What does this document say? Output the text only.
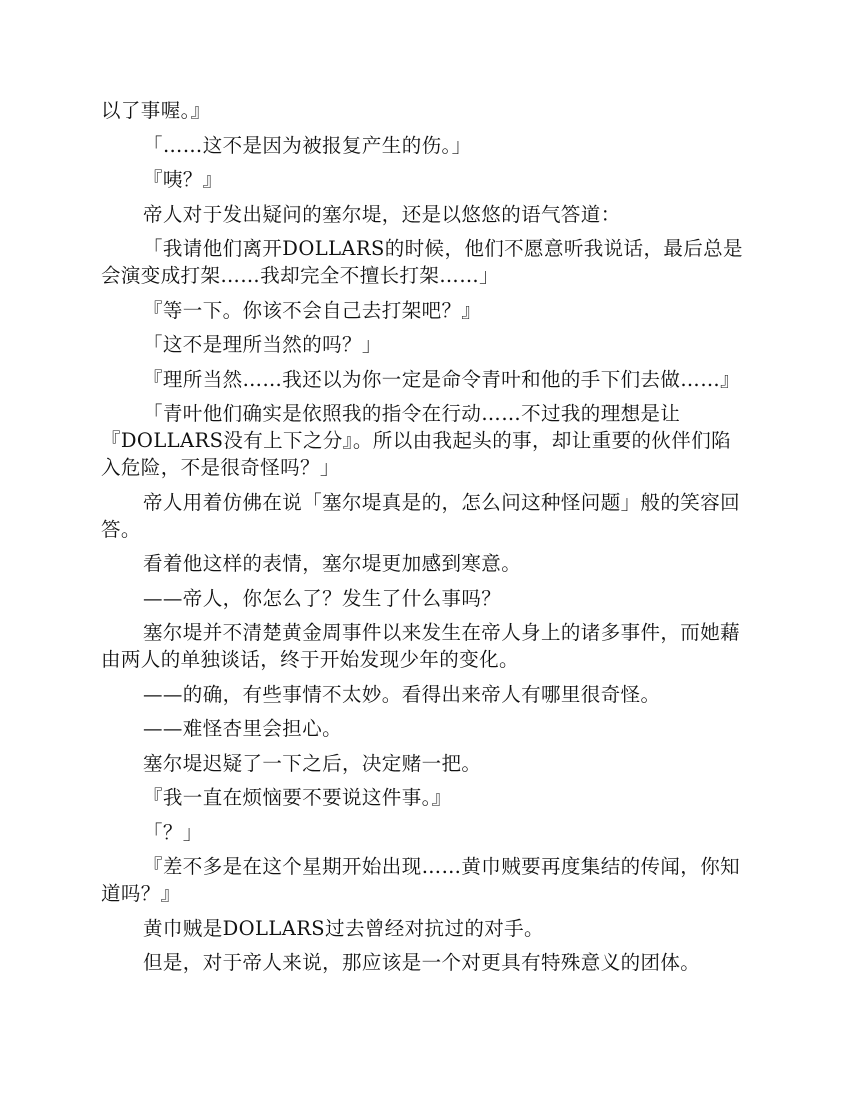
以了事喔。』

「……这不是因为被报复产生的伤。」

『咦？』

帝人对于发出疑问的塞尔堤，还是以悠悠的语气答道：

「我请他们离开DOLLARS的时候，他们不愿意听我说话，最后总是会演变成打架……我却完全不擅长打架……」

『等一下。你该不会自己去打架吧？』

「这不是理所当然的吗？」

『理所当然……我还以为你一定是命令青叶和他的手下们去做……』

「青叶他们确实是依照我的指令在行动……不过我的理想是让『DOLLARS没有上下之分』。所以由我起头的事，却让重要的伙伴们陷入危险，不是很奇怪吗？」

帝人用着仿佛在说「塞尔堤真是的，怎么问这种怪问题」般的笑容回答。

看着他这样的表情，塞尔堤更加感到寒意。

——帝人，你怎么了？发生了什么事吗？

塞尔堤并不清楚黄金周事件以来发生在帝人身上的诸多事件，而她藉由两人的单独谈话，终于开始发现少年的变化。

——的确，有些事情不太妙。看得出来帝人有哪里很奇怪。

——难怪杏里会担心。

塞尔堤迟疑了一下之后，决定赌一把。

『我一直在烦恼要不要说这件事。』

「？」

『差不多是在这个星期开始出现……黄巾贼要再度集结的传闻，你知道吗？』

黄巾贼是DOLLARS过去曾经对抗过的对手。

但是，对于帝人来说，那应该是一个对更具有特殊意义的团体。
